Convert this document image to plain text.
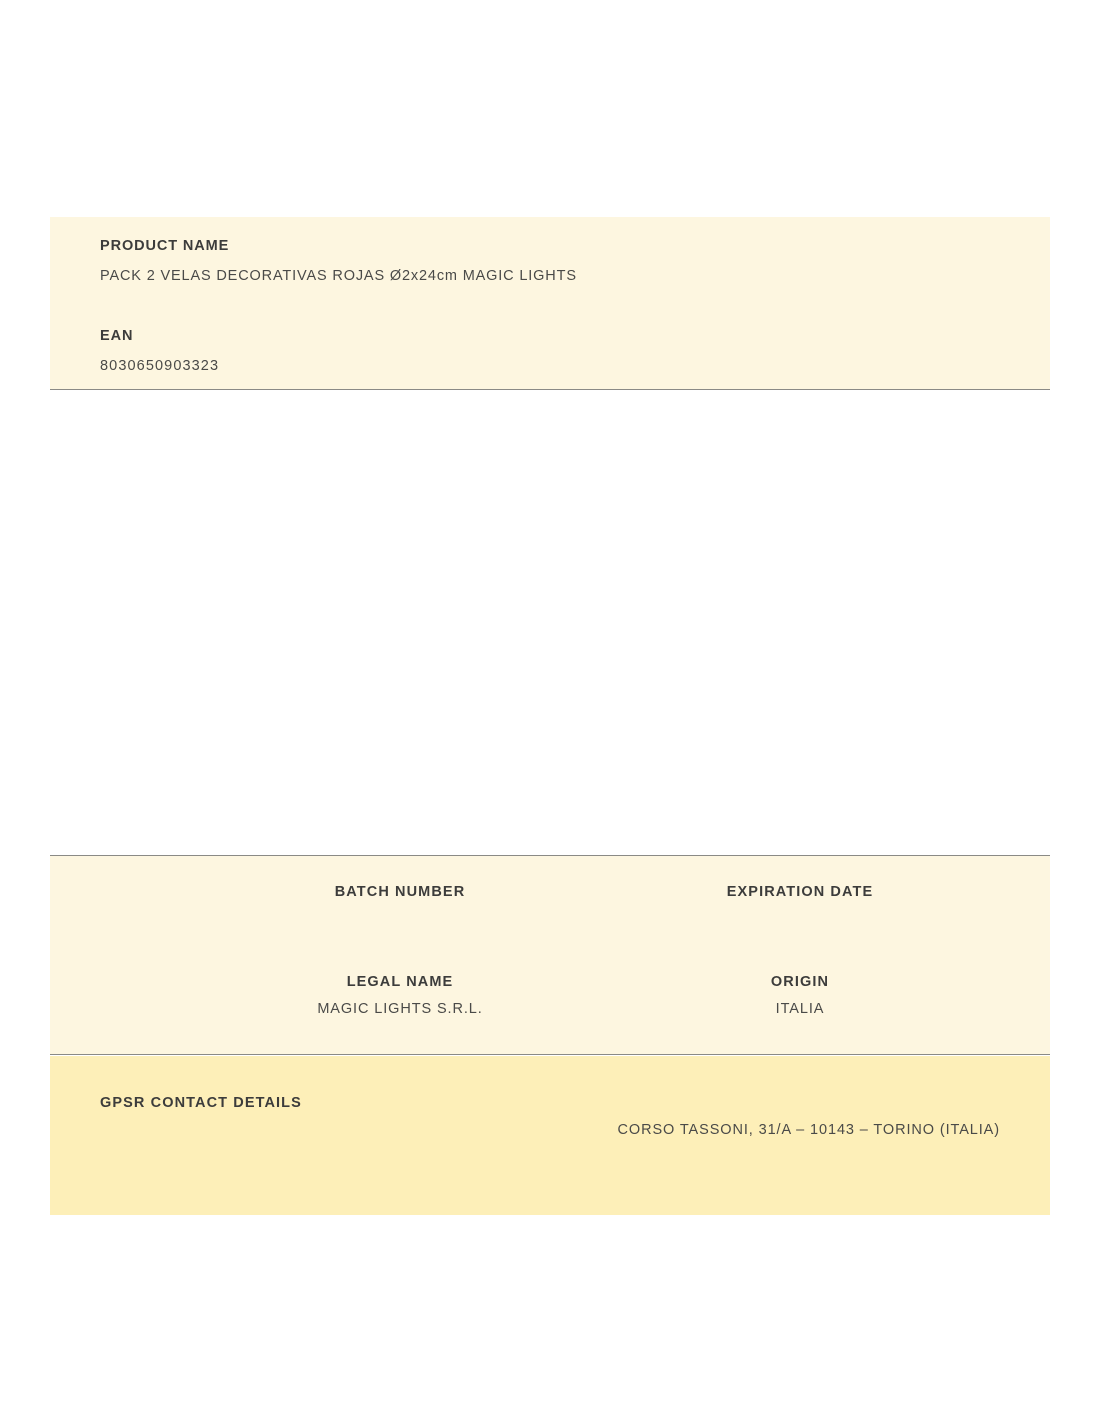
PRODUCT NAME
PACK 2 VELAS DECORATIVAS ROJAS Ø2x24cm MAGIC LIGHTS
EAN
8030650903323
BATCH NUMBER	EXPIRATION DATE
LEGAL NAME
MAGIC LIGHTS S.R.L.
ORIGIN
ITALIA
GPSR CONTACT DETAILS
CORSO TASSONI, 31/A – 10143 – TORINO (ITALIA)
